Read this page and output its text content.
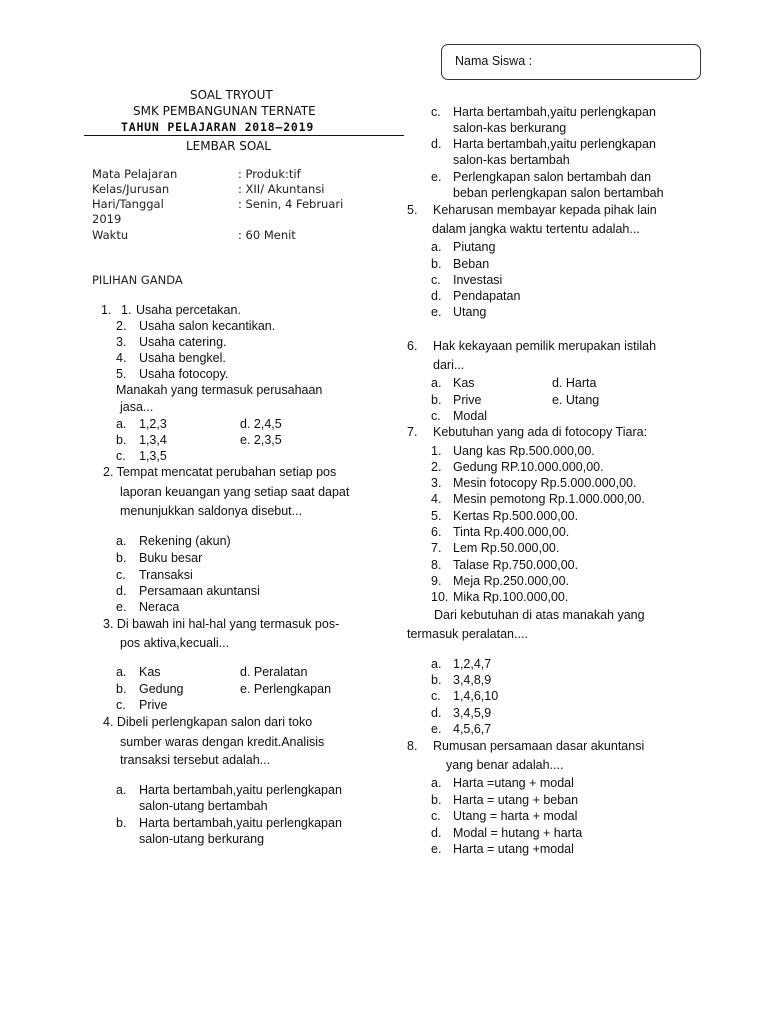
Nama Siswa :
SOAL TRYOUT
SMK PEMBANGUNAN TERNATE
TAHUN PELAJARAN 2018–2019
LEMBAR SOAL
Mata Pelajaran	: Produk:tif
Kelas/Jurusan	: XII/ Akuntansi
Hari/Tanggal	: Senin, 4 Februari
2019
Waktu	: 60 Menit
PILIHAN GANDA
1. 1. Usaha percetakan.
2. Usaha salon kecantikan.
3. Usaha catering.
4. Usaha bengkel.
5. Usaha fotocopy.
Manakah yang termasuk perusahaan
jasa...
a. 1,2,3	d. 2,4,5
b. 1,3,4	e. 2,3,5
c. 1,3,5
2. Tempat mencatat perubahan setiap pos
laporan keuangan yang setiap saat dapat
menunjukkan saldonya disebut...
a. Rekening (akun)
b. Buku besar
c. Transaksi
d. Persamaan akuntansi
e. Neraca
3. Di bawah ini hal-hal yang termasuk pos-
pos aktiva,kecuali...
a. Kas	d. Peralatan
b. Gedung	e. Perlengkapan
c. Prive
4. Dibeli perlengkapan salon dari toko
sumber waras dengan kredit.Analisis
transaksi tersebut adalah...
a. Harta bertambah,yaitu perlengkapan
salon-utang bertambah
b. Harta bertambah,yaitu perlengkapan
salon-utang berkurang
c. Harta bertambah,yaitu perlengkapan
salon-kas berkurang
d. Harta bertambah,yaitu perlengkapan
salon-kas bertambah
e. Perlengkapan salon bertambah dan
beban perlengkapan salon bertambah
5. Keharusan membayar kepada pihak lain
dalam jangka waktu tertentu adalah...
a. Piutang
b. Beban
c. Investasi
d. Pendapatan
e. Utang
6. Hak kekayaan pemilik merupakan istilah
dari...
a. Kas	d. Harta
b. Prive	e. Utang
c. Modal
7. Kebutuhan yang ada di fotocopy Tiara:
1. Uang kas Rp.500.000,00.
2. Gedung RP.10.000.000,00.
3. Mesin fotocopy Rp.5.000.000,00.
4. Mesin pemotong Rp.1.000.000,00.
5. Kertas Rp.500.000,00.
6. Tinta Rp.400.000,00.
7. Lem Rp.50.000,00.
8. Talase Rp.750.000,00.
9. Meja Rp.250.000,00.
10. Mika Rp.100.000,00.
Dari kebutuhan di atas manakah yang
termasuk peralatan....
a. 1,2,4,7
b. 3,4,8,9
c. 1,4,6,10
d. 3,4,5,9
e. 4,5,6,7
8. Rumusan persamaan dasar akuntansi
yang benar adalah....
a. Harta =utang + modal
b. Harta = utang + beban
c. Utang = harta + modal
d. Modal = hutang + harta
e. Harta = utang +modal
